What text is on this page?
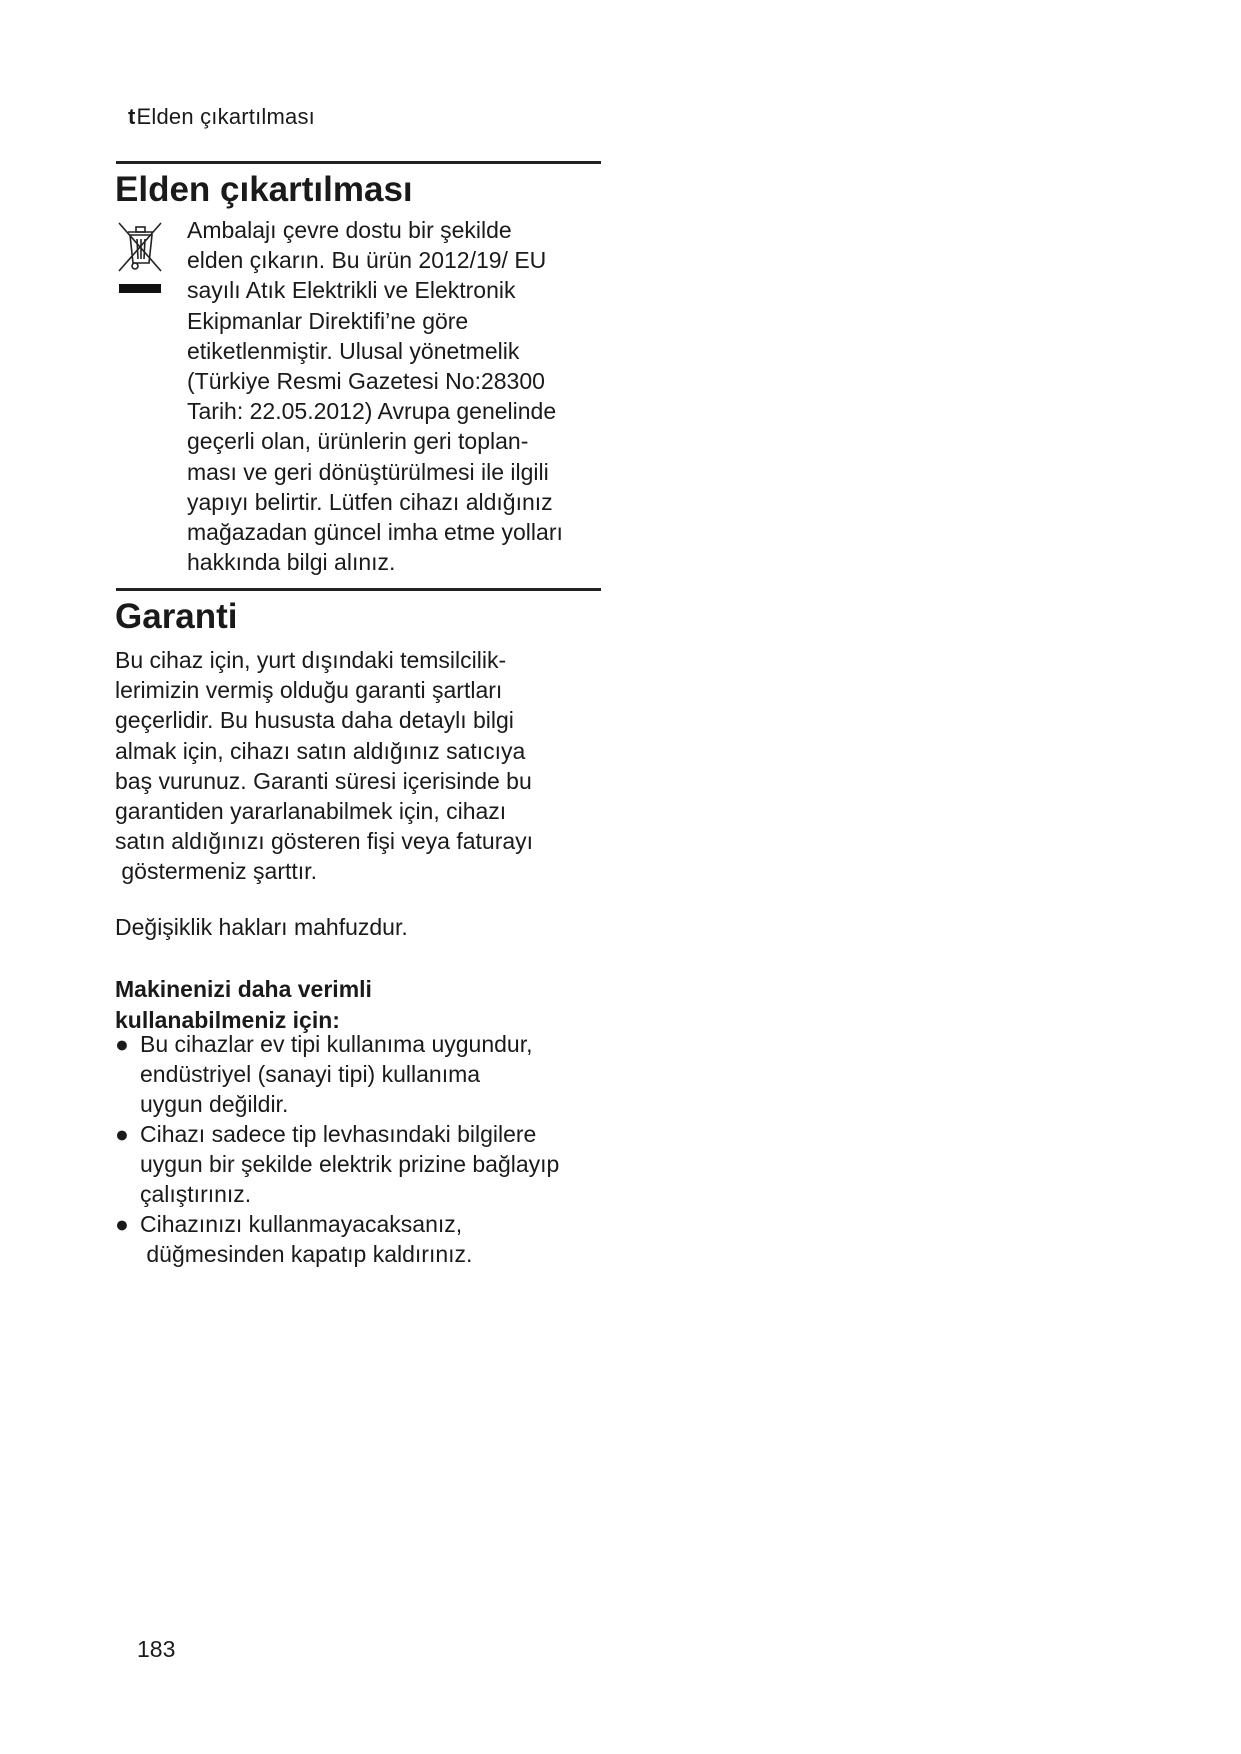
tElden çıkartılması
Elden çıkartılması
Ambalajı çevre dostu bir şekilde
elden çıkarın. Bu ürün 2012/19/ EU
sayılı Atık Elektrikli ve Elektronik
Ekipmanlar Direktifi’ne göre
etiketlenmiştir. Ulusal yönetmelik
(Türkiye Resmi Gazetesi No:28300
Tarih: 22.05.2012) Avrupa genelinde
geçerli olan, ürünlerin geri toplan-
ması ve geri dönüştürülmesi ile ilgili
yapıyı belirtir. Lütfen cihazı aldığınız
mağazadan güncel imha etme yolları
hakkında bilgi alınız.
Garanti
Bu cihaz için, yurt dışındaki temsilcilik-
lerimizin vermiş olduğu garanti şartları
geçerlidir. Bu hususta daha detaylı bilgi
almak için, cihazı satın aldığınız satıcıya
baş vurunuz. Garanti süresi içerisinde bu
garantiden yararlanabilmek için, cihazı
satın aldığınızı gösteren fişi veya faturayı
göstermeniz şarttır.
Değişiklik hakları mahfuzdur.
Makinenizi daha verimli
kullanabilmeniz için:
● Bu cihazlar ev tipi kullanıma uygundur,
endüstriyel (sanayi tipi) kullanıma
uygun değildir.
● Cihazı sadece tip levhasındaki bilgilere
uygun bir şekilde elektrik prizine bağlayıp
çalıştırınız.
● Cihazınızı kullanmayacaksanız,
düğmesinden kapatıp kaldırınız.
183
